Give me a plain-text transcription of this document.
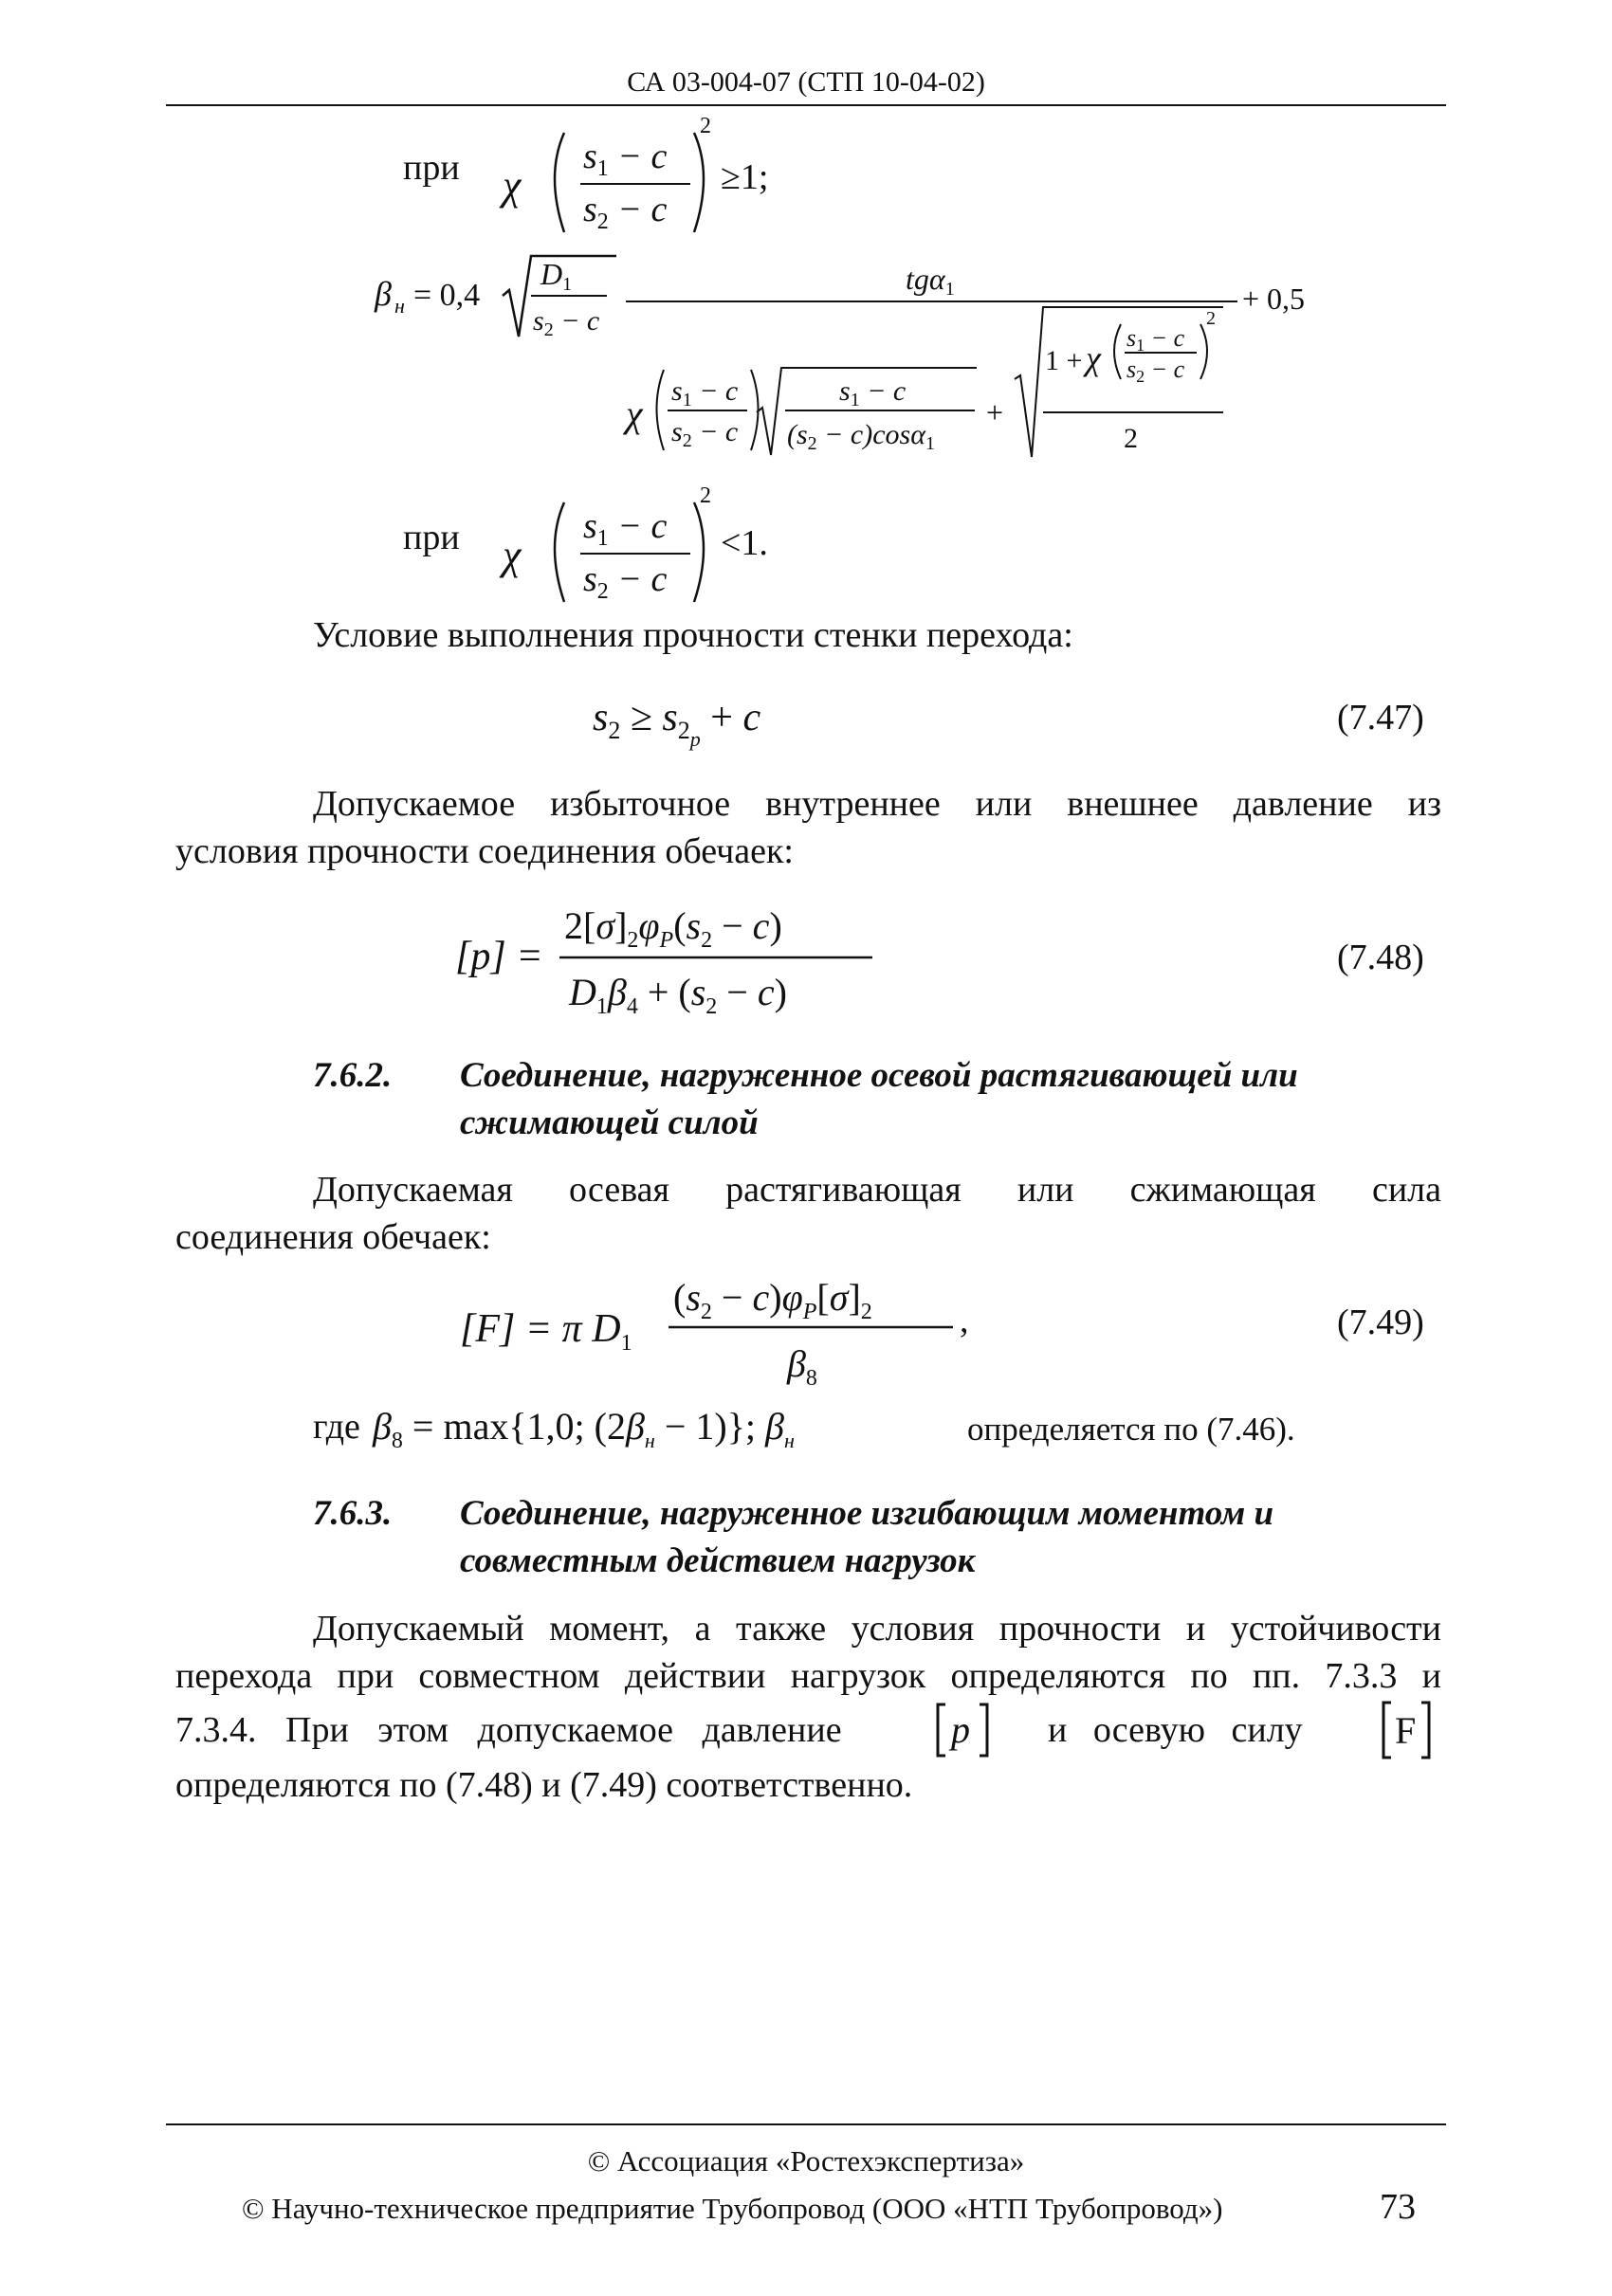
СА 03-004-07 (СТП 10-04-02)
при χ
$s_1 - c$
$s_2 - c$
2
≥1;
β н = 0,4
D1
$s_2 - c$
tgα1	+ 0,5
χ
$s_1 - c$
$s_2 - c$
$s_1 - c$
$(s_2 - c)\cos\alpha_1$
+
1 + χ
s1 − c
s2 − c
2
2
при χ
$s_1 - c$
$s_2 - c$
2
<1.
Условие выполнения прочности стенки перехода:
$s_2 \ge s_2p + c$	(7.47)
Допускаемое избыточное внутреннее или внешнее давление из
условия прочности соединения обечаек:
[p] =
$2[\sigma]_2\varphi_P(s_2 - c)$
$D_1\beta_4 + (s_2 - c)$
(7.48)
7.6.2. Соединение, нагруженное осевой растягивающей или
сжимающей силой
Допускаемая осевая растягивающая или сжимающая сила
соединения обечаек:
[F] = π $D_1$
$(s_2 - c)\varphi_P[\sigma]_2$
$\beta_8$
,	(7.49)
где $\beta_8 = \max\{1,0$; $(2\beta_н - 1)$}; $\beta_н$	определяется по (7.46).
7.6.3. Соединение, нагруженное изгибающим моментом и
совместным действием нагрузок
Допускаемый момент, а также условия прочности и устойчивости
перехода при совместном действии нагрузок определяются по пп. 7.3.3 и
7.3.4. При этом допускаемое давление	p и осевую силу F
определяются по (7.48) и (7.49) соответственно.
© Ассоциация «Ростехэкспертиза»
© Научно-техническое предприятие Трубопровод (ООО «НТП Трубопровод»)	73
